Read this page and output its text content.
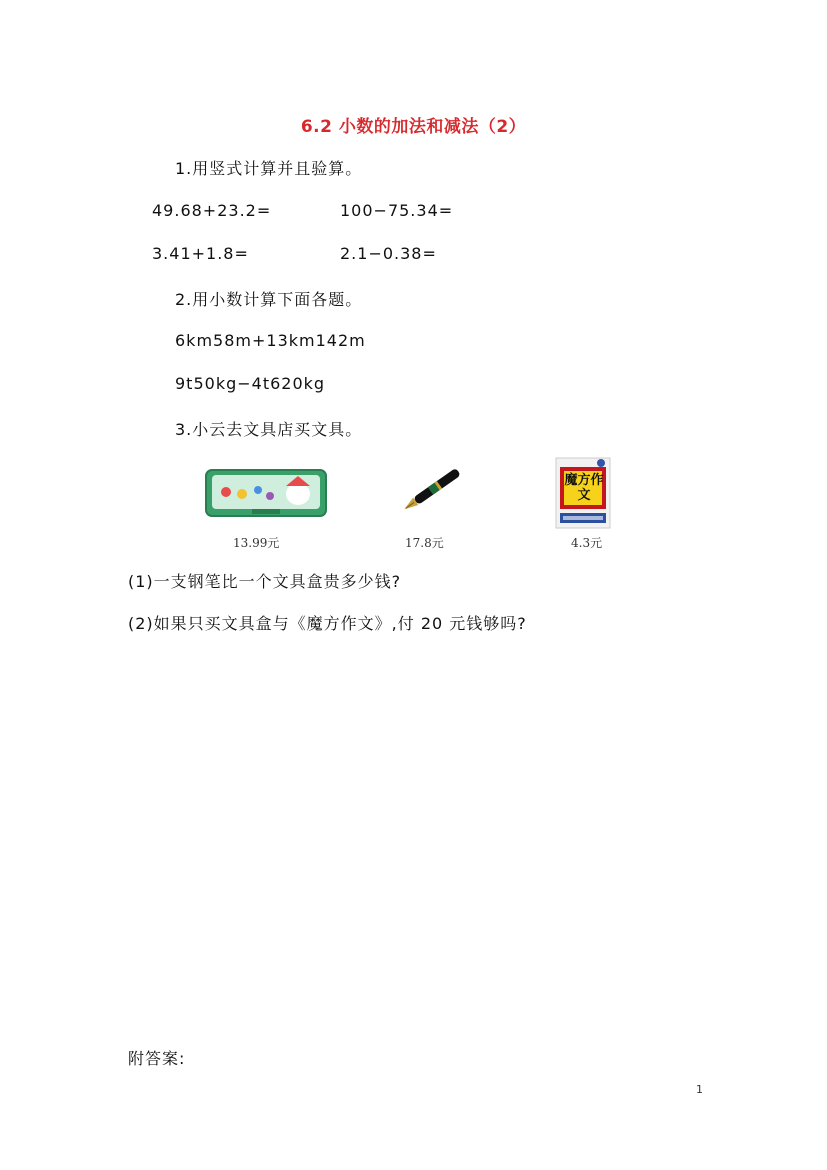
6.2 小数的加法和减法（2）
1.用竖式计算并且验算。
49.68+23.2=	100−75.34=
3.41+1.8=	2.1−0.38=
2.用小数计算下面各题。
6km58m+13km142m
9t50kg−4t620kg
3.小云去文具店买文具。
13.99元	17.8元
魔方作文
4.3元
(1)一支钢笔比一个文具盒贵多少钱?
(2)如果只买文具盒与《魔方作文》,付 20 元钱够吗?
附答案:
1
